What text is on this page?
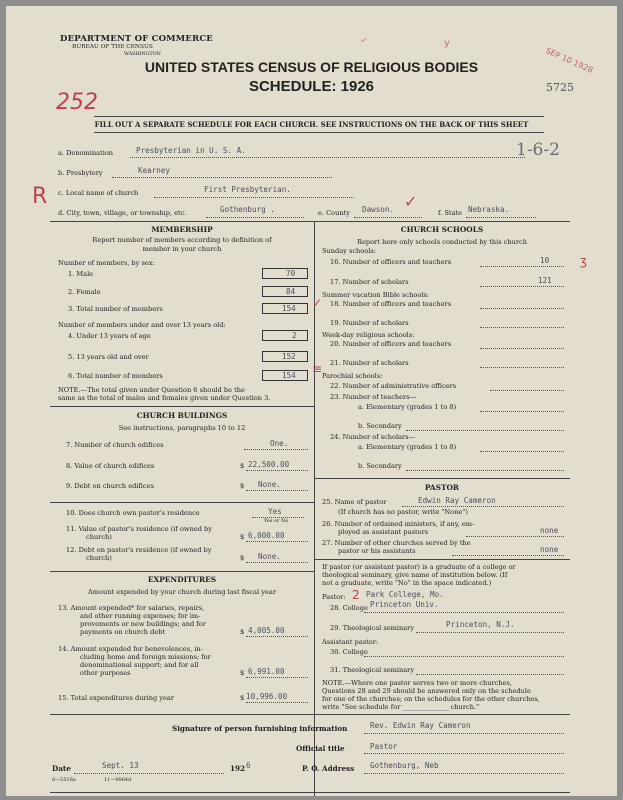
DEPARTMENT OF COMMERCE
BUREAU OF THE CENSUS
WASHINGTON
UNITED STATES CENSUS OF RELIGIOUS BODIES
SCHEDULE: 1926
252
5725
SEP 10 1928
✓	y
FILL OUT A SEPARATE SCHEDULE FOR EACH CHURCH. SEE INSTRUCTIONS ON THE BACK OF THIS SHEET
a. Denomination	Presbyterian in U. S. A.	1-6-2
b. Presbytery	Kearney
c. Local name of church	First Presbyterian.
R
d. City, town, village, or township, etc.	Gothenburg .	e. County Dawson. ✓
f. State Nebraska.
MEMBERSHIP
Report number of members according to definition of
member in your church
Number of members, by sex:
1. Male	70
2. Female	84
3. Total number of members	154
Number of members under and over 13 years old:
4. Under 13 years of age	2
5. 13 years old and over	152
6. Total number of members	154
✓
≡
NOTE.—The total given under Question 6 should be the
same as the total of males and females given under Question 3.
CHURCH BUILDINGS
See instructions, paragraphs 10 to 12
7. Number of church edifices	One.
8. Value of church edifices	$ 22,500.00
9. Debt on church edifices	$ None.
10. Does church own pastor's residence	Yes
Yes or No
11. Value of pastor's residence (if owned by
church)	$ 6,000.00
12. Debt on pastor's residence (if owned by
church)	$ None.
EXPENDITURES
Amount expended by your church during last fiscal year
13. Amount expended* for salaries, repairs,
and other running expenses; for im-
provements or new buildings; and for
payments on church debt	$ 4,005.00
14. Amount expended for benevolences, in-
cluding home and foreign missions; for
denominational support; and for all
other purposes	$ 6,991.00
15. Total expenditures during year	$ 10,996.00
CHURCH SCHOOLS
Report here only schools conducted by this church
Sunday schools:
16. Number of officers and teachers	10
17. Number of scholars	121
Summer vacation Bible schools:
18. Number of officers and teachers
19. Number of scholars
Week-day religious schools:
20. Number of officers and teachers
21. Number of scholars
Parochial schools:
22. Number of administrative officers
23. Number of teachers—
a. Elementary (grades 1 to 8)
b. Secondary
24. Number of scholars—
a. Elementary (grades 1 to 8)
b. Secondary
ʒ
PASTOR
25. Name of pastor	Edwin Ray Cameron
(If church has no pastor, write "None")
26. Number of ordained ministers, if any, em-
ployed as assistant pastors	none
27. Number of other churches served by the
pastor or his assistants	none
If pastor (or assistant pastor) is a graduate of a college or
theological seminary, give name of institution below. (If
not a graduate, write "No" in the space indicated.)
Pastor: 2 Park College, Mo.
28. College Princeton Univ.
29. Theological seminary	Princeton, N.J.
Assistant pastor:
30. College
31. Theological seminary
NOTE.—Where one pastor serves two or more churches,
Questions 28 and 29 should be answered only on the schedule
for one of the churches; on the schedules for the other churches,
write "See schedule for ______________ church."
Signature of person furnishing information	Rev. Edwin Ray Cameron
Official title	Pastor
Date	Sept. 13	192 6	P. O. Address Gothenburg, Neb
8—5518a	11—9064d
